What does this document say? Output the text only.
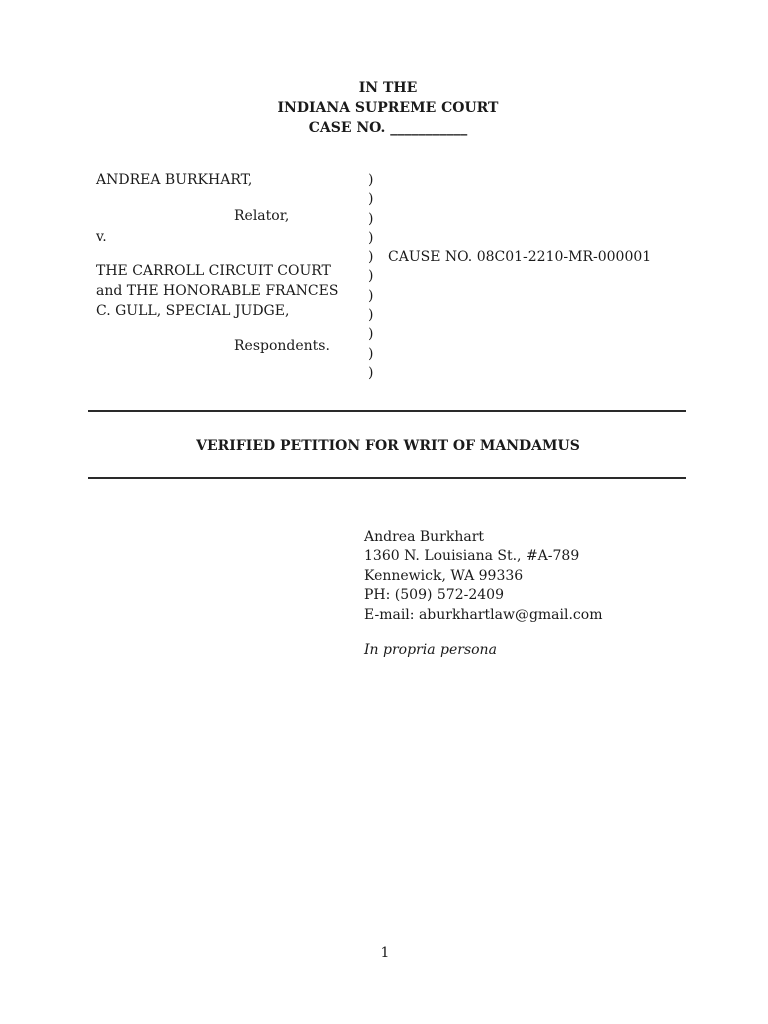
IN THE
INDIANA SUPREME COURT
CASE NO. ___________
ANDREA BURKHART,
Relator,
v.
THE CARROLL CIRCUIT COURT
and THE HONORABLE FRANCES
C. GULL, SPECIAL JUDGE,
Respondents.
)
)
)
)
)
)
)
)
)
)
)
CAUSE NO. 08C01-2210-MR-000001
VERIFIED PETITION FOR WRIT OF MANDAMUS
Andrea Burkhart
1360 N. Louisiana St., #A-789
Kennewick, WA 99336
PH: (509) 572-2409
E-mail: aburkhartlaw@gmail.com
In propria persona
1
